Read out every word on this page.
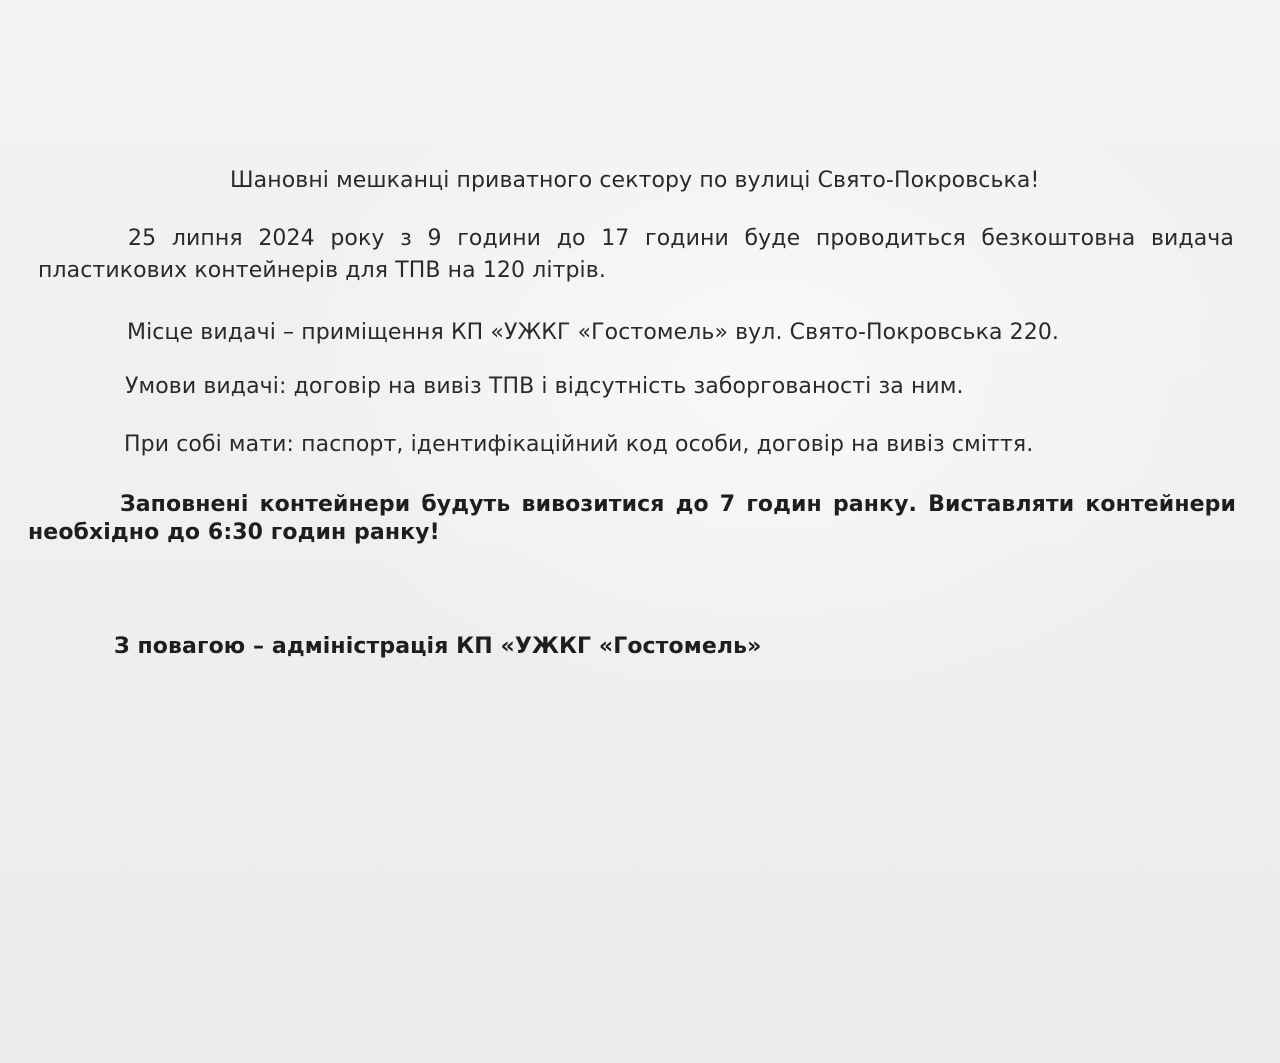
Шановні мешканці приватного сектору по вулиці Свято-Покровська!

25 липня 2024 року з 9 години до 17 години буде проводиться безкоштовна видача

пластикових контейнерів для ТПВ на 120 літрів.

Місце видачі – приміщення КП «УЖКГ «Гостомель» вул. Свято-Покровська 220.

Умови видачі: договір на вивіз ТПВ і відсутність заборгованості за ним.

При собі мати: паспорт, ідентифікаційний код особи, договір на вивіз сміття.

Заповнені контейнери будуть вивозитися до 7 годин ранку. Виставляти контейнери

необхідно до 6:30 годин ранку!

З повагою – адміністрація КП «УЖКГ «Гостомель»
